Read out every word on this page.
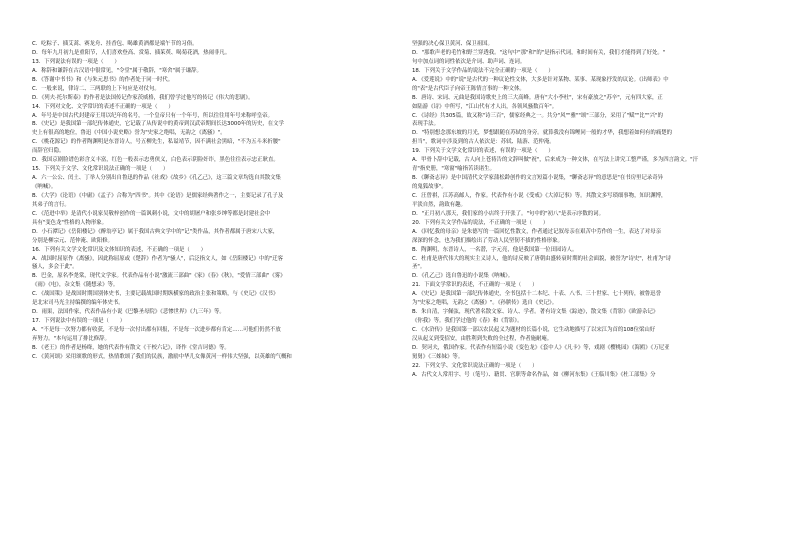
C．吃粽子、插艾蒿、赛龙舟、挂香包、喝雄黄酒都是端午节的习俗。
D．每年九月初九是重阳节，人们喜欢登高、赏菊、插茱萸、喝菊花酒，热闹非凡。
13．下列说法有误的一项是（　　）
A．称辞和谦辞在古汉语中很常见，"令堂"属于敬辞，"寒舍"属于谦辞。
B．《答谢中书书》和《与朱元思书》的作者处于同一时代。
C．一般来说，律诗二、三两联的上下句应是对仗句。
D．《列夫·托尔斯泰》的作者是法国传记作家茨威格，我们曾学过他写的传记《伟大的悲剧》。
14．下列对文化、文学常识的表述不正确的一项是（　　）
A．年号是中国古代封建帝王用以纪年的名号，一个皇帝只有一个年号，所以往往用年号来称呼皇帝。
B．《史记》是我国第一部纪传体通史，它记载了从传说中的黄帝到汉武帝期间长达3000年的历史，在文学
史上有很高的地位，鲁迅《中国小说史略》誉为"史家之绝唱，无韵之《离骚》"。
C．《桃花源记》的作者陶渊明是东晋诗人，号五柳先生，私谥靖节，因不满社会黑暗，"不为五斗米折腰"
而辞官归隐。
D．我国京剧脸谱色彩含义丰富，红色一般表示忠勇侠义，白色表示阴险奸诈，黑色往往表示忠正耿直。
15．下列关于文学、文化常识说法正确的一项是（　　）
A．六一公公、闰土、丁举人分别出自鲁迅的作品《社戏》《故乡》《孔乙己》，这三篇文章均选自其散文集
《呐喊》。
B．《大学》《论语》《中庸》《孟子》合称为"四书"。其中《论语》是儒家经典著作之一，主要记录了孔子及
其弟子的言行。
C．《范进中举》是清代小说家吴敬梓创作的一篇讽刺小说，文中的胡屠户和张乡绅等都是封建社会中
具有"变色龙"性格的人物形象。
D．小石潭记》《岳阳楼记》《醉翁亭记》属于我国古典文学中的"记"类作品，其作者都属于唐宋八大家，
分别是柳宗元、范仲淹、欧阳修。
16．下列有关文学文化常识及文体知识的表述，不正确的一项是（　　）
A．战国时屈原作《离骚》，因此称屈原或《楚辞》作者为"骚人"，后泛指文人，如《岳阳楼记》中的"迁客
骚人，多会于此"。
B．巴金，原名李尧棠，现代文学家。代表作品有小说"激流三部曲"《家》《春》《秋》，"爱情三部曲"《雾》
《雨》《电》，杂文集《随想录》等。
C．《战国策》是战国时期国别体史书，主要记载战国时期纵横家的政治主张和策略，与《史记》《汉书》
是北宋司马光主持编撰的编年体史书。
D．雨果，法国作家，代表作品有小说《巴黎圣母院》《悲惨世界》《九三年》等。
17．下列说法中有误的一项是（　　）
A．"不是每一次努力都有收获，不是每一次付出都有回报，不是每一次进步都有肯定……可他们仍然不放
弃努力。"本句运用了排比修辞。
B．《老王》的作者是杨绛，她的代表作有散文《干校六记》，译作《堂吉诃德》等。
C．《黄河颂》采用颂歌的形式，热情歌颂了我们的民族，激励中华儿女像黄河一样伟大坚强，以英雄的气概和
坚强的决心保卫黄河、保卫祖国。
D．"那歌声老的毛竹和野兰穿透我。"这句中"那"和"的"是指示代词，和时间有关，我们才能得到了好处。"
句中加点词的词性依次是介词、助声词、连词。
18．下列关于文学作品的说法不完全正确的一项是（　　）
A．《爱莲说》中的"说"是古代的一种议论性文体，大多是针对某物、某事、某现象抒发的议论。《出师表》中
的"表"是古代臣子向帝王陈情言事的一种文体。
B．唐诗、宋词、元曲是我国诗歌史上的三大高峰。唐有"大小李杜"，宋有豪放之"苏辛"，元有四大家，正
如陆游《诗》中所写，"江山代有才人出，各领风骚数百年"。
C．《诗经》共305篇，故又称"诗三百"，儒家经典之一。共分"风""雅""颂"三部分，采用了"赋""比""兴"的
表现手法。
D．"特别想念那东坡的月光，梦想跟随在苏轼的身旁。就算我没有锦鲤同一般的才华，我想着如何有的痛楚的
担当"，歌词中涉及到的古人依次是：苏轼、陆游、范仲淹。
19．下列关于文学文化常识的表述，有误的一项是（　　）
A．甲骨卜辞中记载，古人向上苍祷告的文辞叫做"祝"，后来成为一种文体，在写法上讲究工整严谨，多为四言韵文。"汗
青"指史册，"寒窗"喻指苦读诸生。
B．《聊斋志异》是中国清代文学家蒲松龄创作的文言短篇小说集，"聊斋志异"的意思是"在书房里记录奇异
的鬼狐故事"。
C．汪曾祺，江苏高邮人，作家。代表作有小说《受戒》《大淖记事》等。其散文多写琐细事物，知识渊博，
平淡自然，韵致有趣。
D．"正月初八那天，我们家的小店终于开张了。"句中的"初八"是表示序数的词。
20．下列有关文学作品的说法，不正确的一项是（　　）
A．《回忆我的母亲》是朱德写的一篇回忆性散文，作者通过记叙母亲在艰苦中劳作的一生，表达了对母亲
深深的怀念，也为我们描绘出了劳动人民坚韧不拔的性格形象。
B．陶渊明，东晋诗人，一名潜，字元亮，他是我国第一位田园诗人。
C．杜甫是唐代伟大的现实主义诗人，他的诗反映了唐朝由盛转衰时期的社会面貌，被誉为"诗史"，杜甫为"诗
圣"。
D．《孔乙己》选自鲁迅的小说集《呐喊》。
21．下面文学常识的表述，不正确的一项是（　　）
A．《史记》是我国第一部纪传体通史，全书包括十二本纪、十表、八书、三十世家、七十列传，被鲁迅誉
为"史家之绝唱，无韵之《离骚》"。《孙膑传》选自《史记》。
B．朱自清，字佩弦，现代著名散文家、诗人、学者。著有诗文集《踪迹》，散文集《背影》《欧游杂记》
《你我》等。我们学过他的《春》和《背影》。
C．《水浒传》是我国第一部以农民起义为题材的长篇小说，它生动地描写了以宋江为首的108位梁山好
汉从起义到受招安，由胜利到失败的全过程，作者施耐庵。
D．契诃夫，俄国作家。代表作有短篇小说《变色龙》《套中人》《凡卡》等，戏剧《樱桃园》《海鸥》《万尼亚
舅舅》《三姊妹》等。
22．下列文学、文化常识说法正确的一项是（　　）
A．古代文人常用字、号（笔号）、籍贯、官职等命名作品，如《柳河东集》《王临川集》《杜工部集》分
